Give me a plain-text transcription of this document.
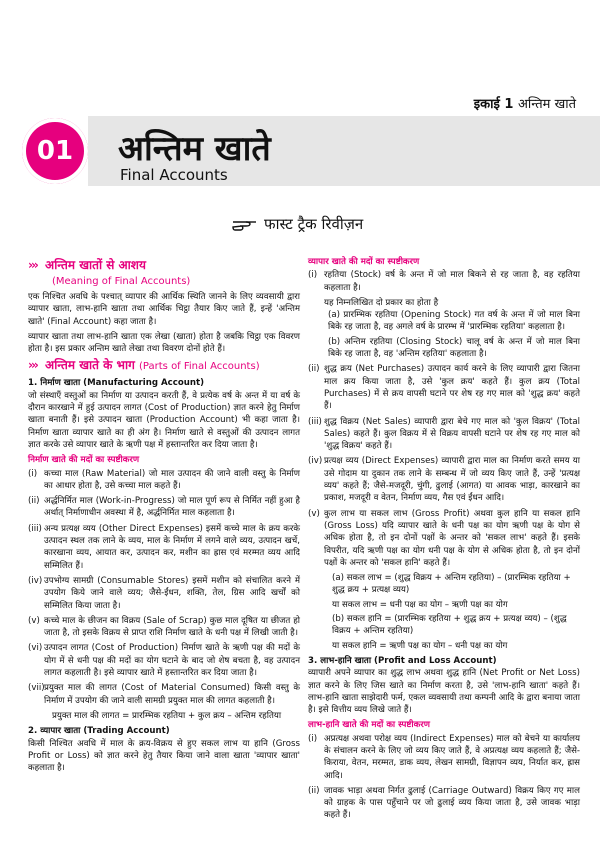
इकाई 1 अन्तिम खाते
01	अन्तिम खाते
Final Accounts
फास्ट ट्रैक रिवीज़न
››› अन्तिम खातों से आशय
(Meaning of Final Accounts)

एक निश्चित अवधि के पश्चात् व्यापार की आर्थिक स्थिति जानने के लिए व्यवसायी द्वारा व्यापार खाता, लाभ-हानि खाता तथा आर्थिक चिट्ठा तैयार किए जाते हैं, इन्हें 'अन्तिम खाते' (Final Account) कहा जाता है।

व्यापार खाता तथा लाभ-हानि खाता एक लेखा (खाता) होता है जबकि चिट्ठा एक विवरण होता है। इस प्रकार अन्तिम खाते लेखा तथा विवरण दोनों होते हैं।

››› अन्तिम खाते के भाग (Parts of Final Accounts)
1. निर्माण खाता (Manufacturing Account)

जो संस्थाएँ वस्तुओं का निर्माण या उत्पादन करती हैं, वे प्रत्येक वर्ष के अन्त में या वर्ष के दौरान कारखाने में हुई उत्पादन लागत (Cost of Production) ज्ञात करने हेतु निर्माण खाता बनाती हैं। इसे उत्पादन खाता (Production Account) भी कहा जाता है। निर्माण खाता व्यापार खाते का ही अंग है। निर्माण खाते से वस्तुओं की उत्पादन लागत ज्ञात करके उसे व्यापार खाते के ऋणी पक्ष में हस्तान्तरित कर दिया जाता है।

निर्माण खाते की मदों का स्पष्टीकरण
(i) कच्चा माल (Raw Material) जो माल उत्पादन की जाने वाली वस्तु के निर्माण का आधार होता है, उसे कच्चा माल कहते हैं।
(ii) अर्द्धनिर्मित माल (Work-in-Progress) जो माल पूर्ण रूप से निर्मित नहीं हुआ है अर्थात् निर्माणाधीन अवस्था में है, अर्द्धनिर्मित माल कहलाता है।
(iii) अन्य प्रत्यक्ष व्यय (Other Direct Expenses) इसमें कच्चे माल के क्रय करके उत्पादन स्थल तक लाने के व्यय, माल के निर्माण में लगने वाले व्यय, उत्पादन खर्चे, कारखाना व्यय, आयात कर, उत्पादन कर, मशीन का ह्रास एवं मरम्मत व्यय आदि सम्मिलित हैं।
(iv) उपभोग्य सामग्री (Consumable Stores) इसमें मशीन को संचालित करने में उपयोग किये जाने वाले व्यय; जैसे-ईंधन, शक्ति, तेल, ग्रिस आदि खर्चों को सम्मिलित किया जाता है।
(v) कच्चे माल के छीजन का विक्रय (Sale of Scrap) कुछ माल दूषित या छीजत हो जाता है, तो इसके विक्रय से प्राप्त राशि निर्माण खाते के धनी पक्ष में लिखी जाती है।
(vi) उत्पादन लागत (Cost of Production) निर्माण खाते के ऋणी पक्ष की मदों के योग में से धनी पक्ष की मदों का योग घटाने के बाद जो शेष बचता है, वह उत्पादन लागत कहलाती है। इसे व्यापार खाते में हस्तान्तरित कर दिया जाता है।
(vii) प्रयुक्त माल की लागत (Cost of Material Consumed) किसी वस्तु के निर्माण में उपयोग की जाने वाली सामग्री प्रयुक्त माल की लागत कहलाती है।
प्रयुक्त माल की लागत = प्रारम्भिक रहतिया + कुल क्रय – अन्तिम रहतिया
2. व्यापार खाता (Trading Account)

किसी निश्चित अवधि में माल के क्रय-विक्रय से हुए सकल लाभ या हानि (Gross Profit or Loss) को ज्ञात करने हेतु तैयार किया जाने वाला खाता 'व्यापार खाता' कहलाता है।

व्यापार खाते की मदों का स्पष्टीकरण
(i) रहतिया (Stock) वर्ष के अन्त में जो माल बिकने से रह जाता है, वह रहतिया कहलाता है।
यह निम्नलिखित दो प्रकार का होता है
(a) प्रारम्भिक रहतिया (Opening Stock) गत वर्ष के अन्त में जो माल बिना बिके रह जाता है, वह अगले वर्ष के प्रारम्भ में 'प्रारम्भिक रहतिया' कहलाता है।
(b) अन्तिम रहतिया (Closing Stock) चालू वर्ष के अन्त में जो माल बिना बिके रह जाता है, वह 'अन्तिम रहतिया' कहलाता है।
(ii) शुद्ध क्रय (Net Purchases) उत्पादन कार्य करने के लिए व्यापारी द्वारा जितना माल क्रय किया जाता है, उसे 'कुल क्रय' कहते हैं। कुल क्रय (Total Purchases) में से क्रय वापसी घटाने पर शेष रह गए माल को 'शुद्ध क्रय' कहते हैं।
(iii) शुद्ध विक्रय (Net Sales) व्यापारी द्वारा बेचे गए माल को 'कुल विक्रय' (Total Sales) कहते हैं। कुल विक्रय में से विक्रय वापसी घटाने पर शेष रह गए माल को 'शुद्ध विक्रय' कहते हैं।
(iv) प्रत्यक्ष व्यय (Direct Expenses) व्यापारी द्वारा माल का निर्माण करते समय या उसे गोदाम या दुकान तक लाने के सम्बन्ध में जो व्यय किए जाते हैं, उन्हें 'प्रत्यक्ष व्यय' कहते हैं; जैसे-मजदूरी, चुंगी, ढुलाई (आगत) या आवक भाड़ा, कारखाने का प्रकाश, मजदूरी व वेतन, निर्माण व्यय, गैस एवं ईंधन आदि।
(v) कुल लाभ या सकल लाभ (Gross Profit) अथवा कुल हानि या सकल हानि (Gross Loss) यदि व्यापार खाते के धनी पक्ष का योग ऋणी पक्ष के योग से अधिक होता है, तो इन दोनों पक्षों के अन्तर को 'सकल लाभ' कहते हैं। इसके विपरीत, यदि ऋणी पक्ष का योग धनी पक्ष के योग से अधिक होता है, तो इन दोनों पक्षों के अन्तर को 'सकल हानि' कहते हैं।
(a) सकल लाभ = (शुद्ध विक्रय + अन्तिम रहतिया) – (प्रारम्भिक रहतिया + शुद्ध क्रय + प्रत्यक्ष व्यय)
या सकल लाभ = धनी पक्ष का योग – ऋणी पक्ष का योग
(b) सकल हानि = (प्रारम्भिक रहतिया + शुद्ध क्रय + प्रत्यक्ष व्यय) – (शुद्ध विक्रय + अन्तिम रहतिया)
या सकल हानि = ऋणी पक्ष का योग – धनी पक्ष का योग
3. लाभ-हानि खाता (Profit and Loss Account)

व्यापारी अपने व्यापार का शुद्ध लाभ अथवा शुद्ध हानि (Net Profit or Net Loss) ज्ञात करने के लिए जिस खाते का निर्माण करता है, उसे 'लाभ-हानि खाता' कहते हैं। लाभ-हानि खाता साझेदारी फर्म, एकल व्यवसायी तथा कम्पनी आदि के द्वारा बनाया जाता है। इसे वित्तीय व्यय लिखे जाते हैं।

लाभ-हानि खाते की मदों का स्पष्टीकरण
(i) अप्रत्यक्ष अथवा परोक्ष व्यय (Indirect Expenses) माल को बेचने या कार्यालय के संचालन करने के लिए जो व्यय किए जाते हैं, वे अप्रत्यक्ष व्यय कहलाते हैं; जैसे-किराया, वेतन, मरम्मत, डाक व्यय, लेखन सामग्री, विज्ञापन व्यय, निर्यात कर, ह्रास आदि।
(ii) जावक भाड़ा अथवा निर्गत ढुलाई (Carriage Outward) विक्रय किए गए माल को ग्राहक के पास पहुँचाने पर जो ढुलाई व्यय किया जाता है, उसे जावक भाड़ा कहते हैं।
